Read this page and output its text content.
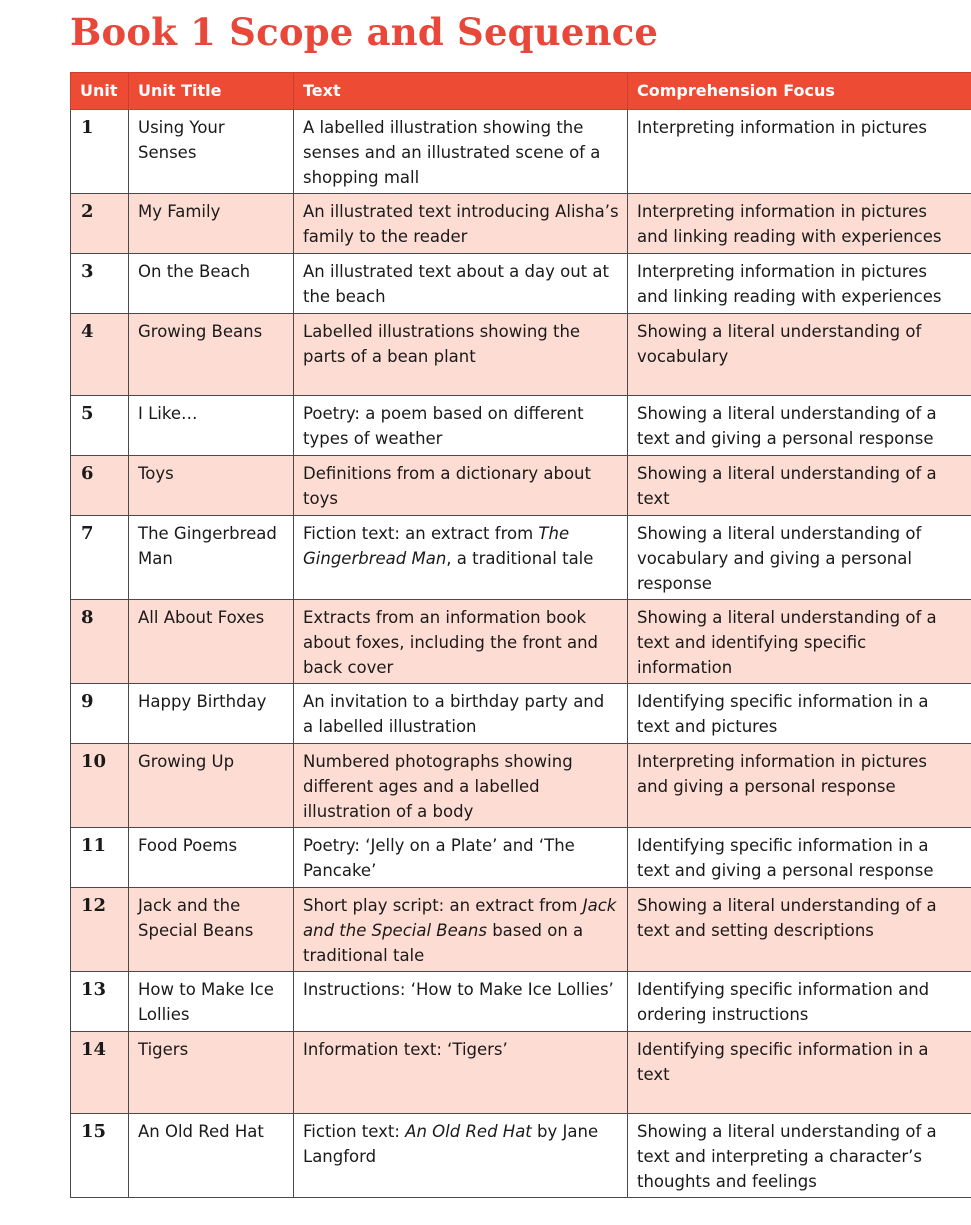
Book 1 Scope and Sequence
Unit	Unit Title	Text	Comprehension Focus
1	Using Your Senses	A labelled illustration showing the senses and an illustrated scene of a shopping mall	Interpreting information in pictures
2	My Family	An illustrated text introducing Alisha’s family to the reader	Interpreting information in pictures and linking reading with experiences
3	On the Beach	An illustrated text about a day out at the beach	Interpreting information in pictures and linking reading with experiences
4	Growing Beans	Labelled illustrations showing the parts of a bean plant	Showing a literal understanding of vocabulary
5	I Like…	Poetry: a poem based on different types of weather	Showing a literal understanding of a text and giving a personal response
6	Toys	Definitions from a dictionary about toys	Showing a literal understanding of a text
7	The Gingerbread Man	Fiction text: an extract from The Gingerbread Man, a traditional tale	Showing a literal understanding of vocabulary and giving a personal response
8	All About Foxes	Extracts from an information book about foxes, including the front and back cover	Showing a literal understanding of a text and identifying specific information
9	Happy Birthday	An invitation to a birthday party and a labelled illustration	Identifying specific information in a text and pictures
10	Growing Up	Numbered photographs showing different ages and a labelled illustration of a body	Interpreting information in pictures and giving a personal response
11	Food Poems	Poetry: ‘Jelly on a Plate’ and ‘The Pancake’	Identifying specific information in a text and giving a personal response
12	Jack and the Special Beans	Short play script: an extract from Jack and the Special Beans based on a traditional tale	Showing a literal understanding of a text and setting descriptions
13	How to Make Ice Lollies	Instructions: ‘How to Make Ice Lollies’	Identifying specific information and ordering instructions
14	Tigers	Information text: ‘Tigers’	Identifying specific information in a text
15	An Old Red Hat	Fiction text: An Old Red Hat by Jane Langford	Showing a literal understanding of a text and interpreting a character’s thoughts and feelings
